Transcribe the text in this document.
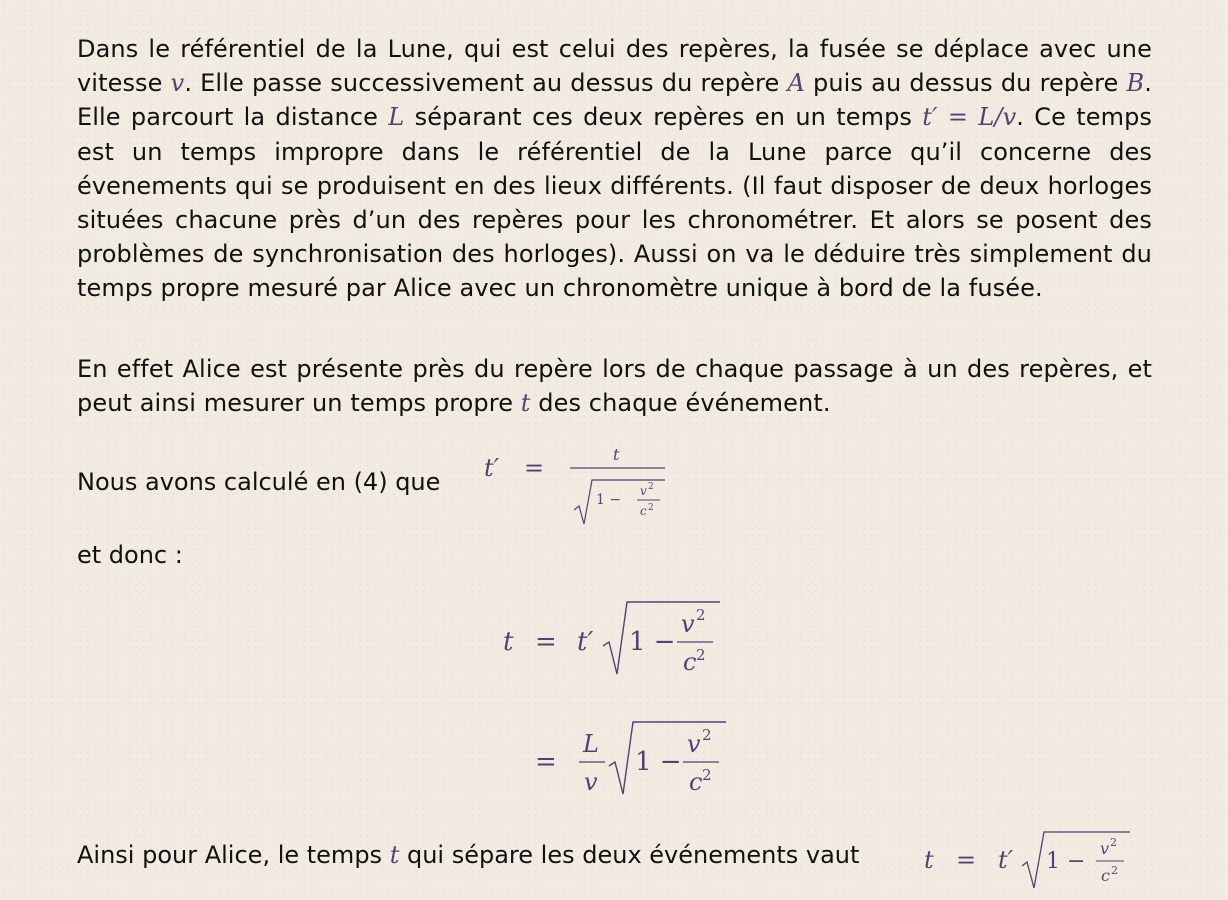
Dans le référentiel de la Lune, qui est celui des repères, la fusée se déplace avec une vitesse v. Elle passe successivement au dessus du repère A puis au dessus du repère B. Elle parcourt la distance L séparant ces deux repères en un temps t′ = L/v. Ce temps est un temps impropre dans le référentiel de la Lune parce qu’il concerne des évenements qui se produisent en des lieux différents. (Il faut disposer de deux horloges situées chacune près d’un des repères pour les chronométrer. Et alors se posent des problèmes de synchronisation des horloges). Aussi on va le déduire très simplement du temps propre mesuré par Alice avec un chronomètre unique à bord de la fusée.

En effet Alice est présente près du repère lors de chaque passage à un des repères, et peut ainsi mesurer un temps propre t des chaque événement.

Nous avons calculé en (4) que t′ =	t
1 −
v 2
c 2
et donc :
t = t′ 1 −
v 2
c 2
=
L
v
1 −
v 2
c 2
Ainsi pour Alice, le temps t qui sépare les deux événements vaut	t = t′ 1 −
v 2
c 2
